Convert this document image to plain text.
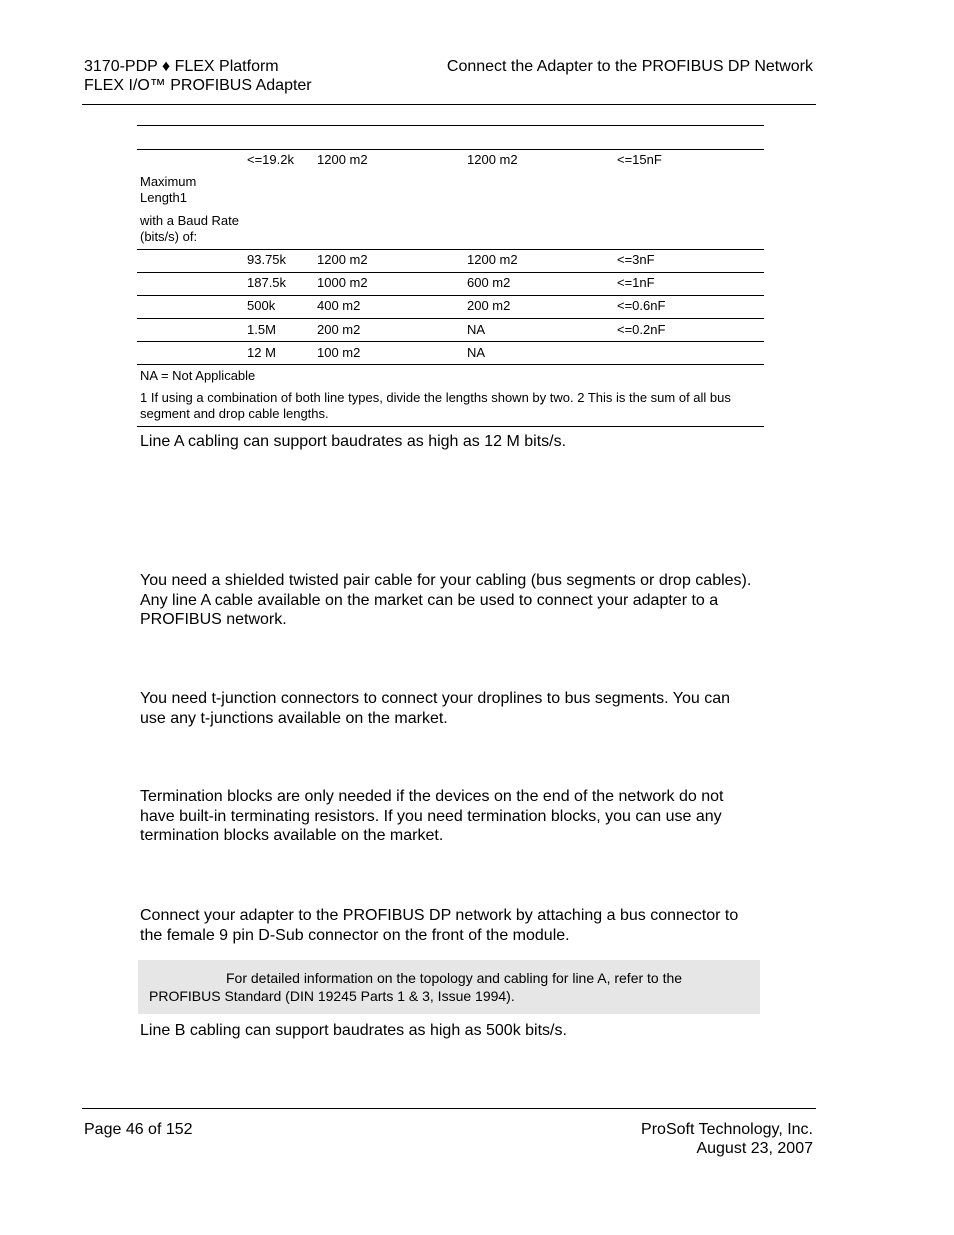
3170-PDP ♦ FLEX Platform
FLEX I/O™ PROFIBUS Adapter
Connect the Adapter to the PROFIBUS DP Network
<=19.2k 1200 m2	1200 m2	<=15nF
Maximum Length1
with a Baud Rate (bits/s) of:
93.75k 1200 m2	1200 m2	<=3nF
187.5k 1000 m2	600 m2	<=1nF
500k	400 m2	200 m2	<=0.6nF
1.5M	200 m2	NA	<=0.2nF
12 M	100 m2	NA
NA = Not Applicable
1 If using a combination of both line types, divide the lengths shown by two. 2 This is the sum of all bus segment and drop cable lengths.
Line A cabling can support baudrates as high as 12 M bits/s.
You need a shielded twisted pair cable for your cabling (bus segments or drop cables). Any line A cable available on the market can be used to connect your adapter to a PROFIBUS network.
You need t-junction connectors to connect your droplines to bus segments. You can use any t-junctions available on the market.
Termination blocks are only needed if the devices on the end of the network do not have built-in terminating resistors. If you need termination blocks, you can use any termination blocks available on the market.
Connect your adapter to the PROFIBUS DP network by attaching a bus connector to the female 9 pin D-Sub connector on the front of the module.
For detailed information on the topology and cabling for line A, refer to the PROFIBUS Standard (DIN 19245 Parts 1 & 3, Issue 1994).
Line B cabling can support baudrates as high as 500k bits/s.
Page 46 of 152	ProSoft Technology, Inc.
August 23, 2007
